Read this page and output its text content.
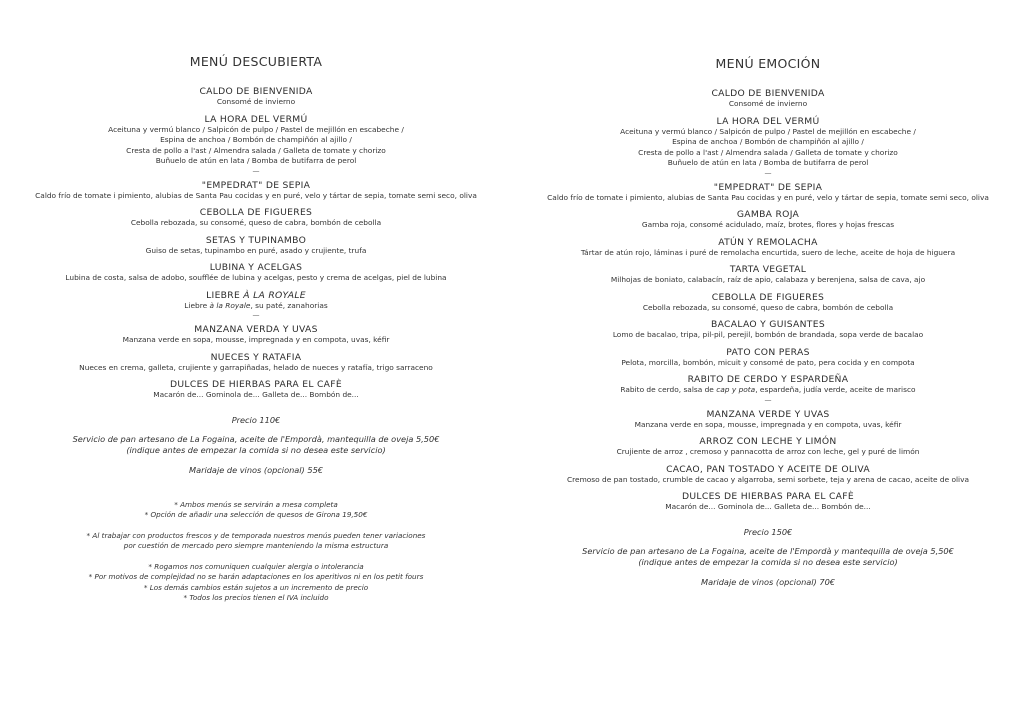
MENÚ DESCUBIERTA
CALDO DE BIENVENIDA
Consomé de invierno
LA HORA DEL VERMÚ
Aceituna y vermú blanco / Salpicón de pulpo / Pastel de mejillón en escabeche /
Espina de anchoa / Bombón de champiñón al ajillo /
Cresta de pollo a l'ast / Almendra salada / Galleta de tomate y chorizo
Buñuelo de atún en lata / Bomba de butifarra de perol
—
"EMPEDRAT" DE SEPIA
Caldo frío de tomate i pimiento, alubias de Santa Pau cocidas y en puré, velo y tártar de sepia, tomate semi seco, oliva
CEBOLLA DE FIGUERES
Cebolla rebozada, su consomé, queso de cabra, bombón de cebolla
SETAS Y TUPINAMBO
Guiso de setas, tupinambo en puré, asado y crujiente, trufa
LUBINA Y ACELGAS
Lubina de costa, salsa de adobo, soufflée de lubina y acelgas, pesto y crema de acelgas, piel de lubina
LIEBRE À LA ROYALE
Liebre à la Royale, su paté, zanahorias
—
MANZANA VERDA Y UVAS
Manzana verde en sopa, mousse, impregnada y en compota, uvas, kéfir
NUECES Y RATAFIA
Nueces en crema, galleta, crujiente y garrapiñadas, helado de nueces y ratafía, trigo sarraceno
DULCES DE HIERBAS PARA EL CAFÈ
Macarón de... Gominola de... Galleta de... Bombón de...
Precio 110€
Servicio de pan artesano de La Fogaina, aceite de l'Empordà, mantequilla de oveja 5,50€
(indique antes de empezar la comida si no desea este servicio)
Maridaje de vinos (opcional) 55€
* Ambos menús se servirán a mesa completa
* Opción de añadir una selección de quesos de Girona 19,50€
* Al trabajar con productos frescos y de temporada nuestros menús pueden tener variaciones
por cuestión de mercado pero siempre manteniendo la misma estructura
* Rogamos nos comuniquen cualquier alergia o intolerancia
* Por motivos de complejidad no se harán adaptaciones en los aperitivos ni en los petit fours
* Los demás cambios están sujetos a un incremento de precio
* Todos los precios tienen el IVA incluido
MENÚ EMOCIÓN
CALDO DE BIENVENIDA
Consomé de invierno
LA HORA DEL VERMÚ
Aceituna y vermú blanco / Salpicón de pulpo / Pastel de mejillón en escabeche /
Espina de anchoa / Bombón de champiñón al ajillo /
Cresta de pollo a l'ast / Almendra salada / Galleta de tomate y chorizo
Buñuelo de atún en lata / Bomba de butifarra de perol
—
"EMPEDRAT" DE SEPIA
Caldo frío de tomate i pimiento, alubias de Santa Pau cocidas y en puré, velo y tártar de sepia, tomate semi seco, oliva
GAMBA ROJA
Gamba roja, consomé acidulado, maíz, brotes, flores y hojas frescas
ATÚN Y REMOLACHA
Tártar de atún rojo, láminas i puré de remolacha encurtida, suero de leche, aceite de hoja de higuera
TARTA VEGETAL
Milhojas de boniato, calabacín, raíz de apio, calabaza y berenjena, salsa de cava, ajo
CEBOLLA DE FIGUERES
Cebolla rebozada, su consomé, queso de cabra, bombón de cebolla
BACALAO Y GUISANTES
Lomo de bacalao, tripa, pil-pil, perejil, bombón de brandada, sopa verde de bacalao
PATO CON PERAS
Pelota, morcilla, bombón, micuit y consomé de pato, pera cocida y en compota
RABITO DE CERDO Y ESPARDEÑA
Rabito de cerdo, salsa de cap y pota, espardeña, judía verde, aceite de marisco
—
MANZANA VERDE Y UVAS
Manzana verde en sopa, mousse, impregnada y en compota, uvas, kéfir
ARROZ CON LECHE Y LIMÓN
Crujiente de arroz , cremoso y pannacotta de arroz con leche, gel y puré de limón
CACAO, PAN TOSTADO Y ACEITE DE OLIVA
Cremoso de pan tostado, crumble de cacao y algarroba, semi sorbete, teja y arena de cacao, aceite de oliva
DULCES DE HIERBAS PARA EL CAFÈ
Macarón de... Gominola de... Galleta de... Bombón de...
Precio 150€
Servicio de pan artesano de La Fogaina, aceite de l'Empordà y mantequilla de oveja 5,50€
(indique antes de empezar la comida si no desea este servicio)
Maridaje de vinos (opcional) 70€
